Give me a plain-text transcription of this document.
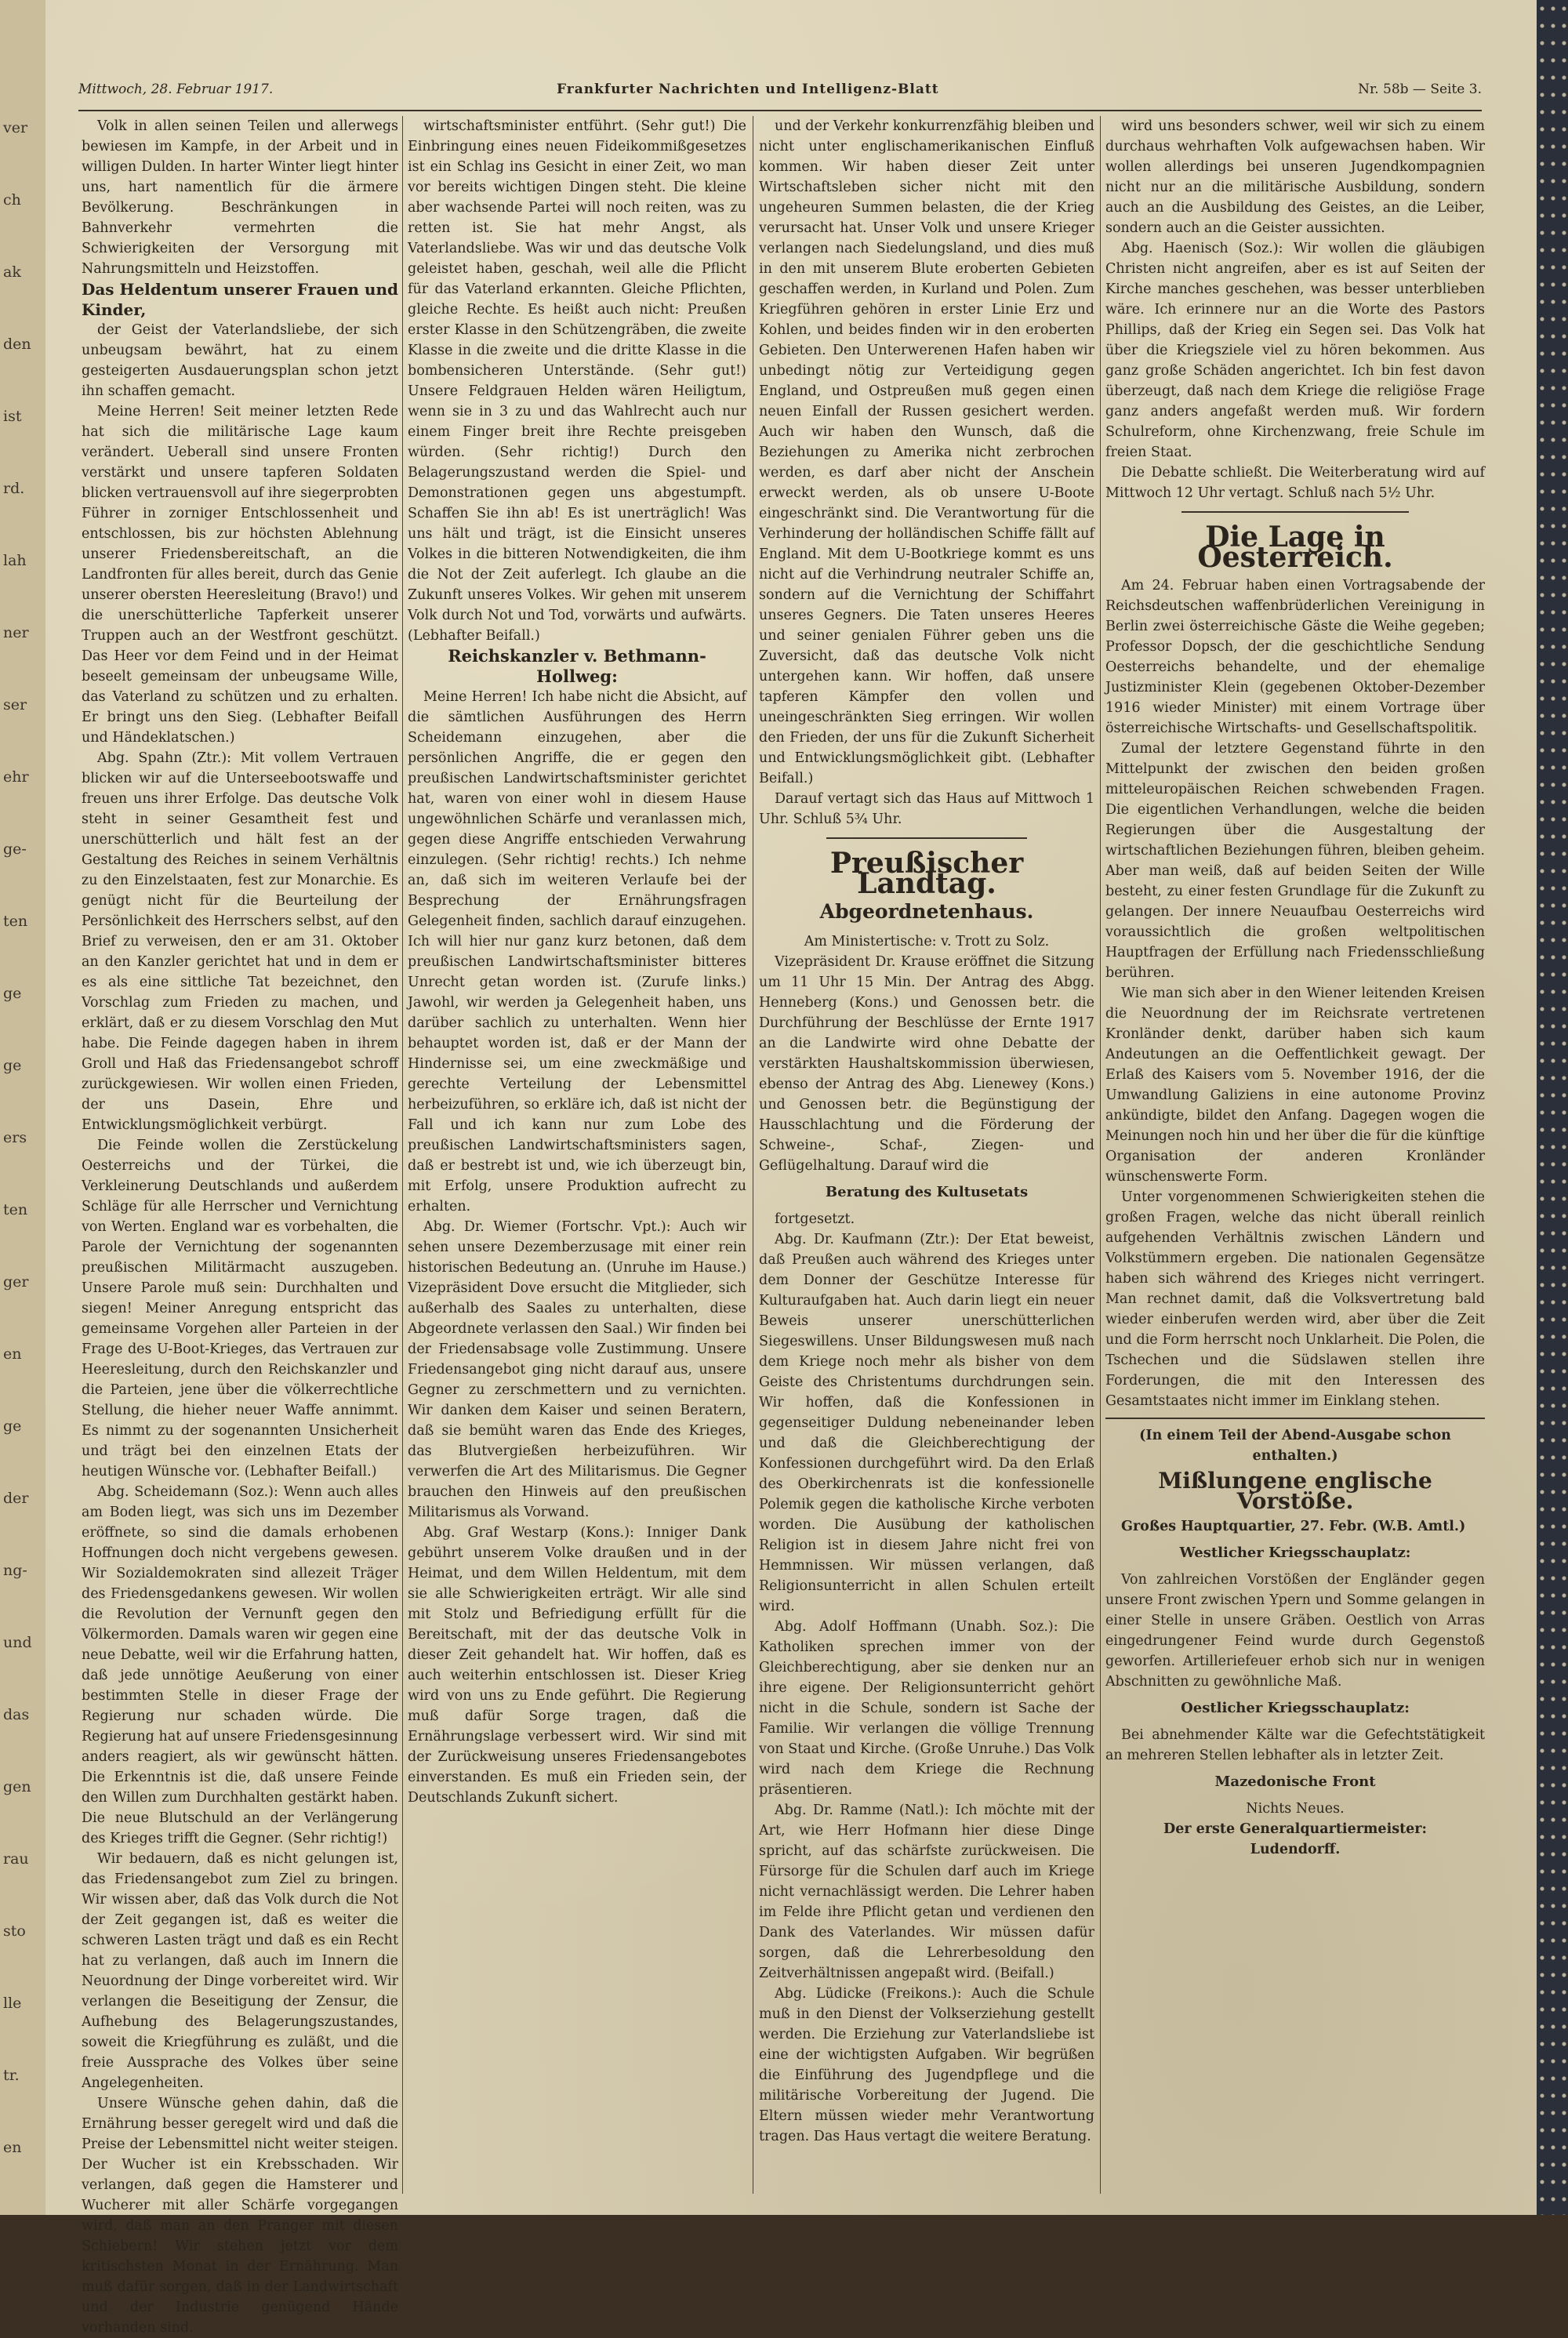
ver
ch
ak
den
ist
rd.
lah
ner
ser
ehr
ge-
ten
ge
ge
ers
ten
ger
en
ge
der
ng-
und
das
gen
rau
sto
lle
tr.
en
Mittwoch, 28. Februar 1917.	Frankfurter Nachrichten und Intelligenz-Blatt	Nr. 58b — Seite 3.

Volk in allen seinen Teilen und allerwegs bewiesen im Kampfe, in der Arbeit und in willigen Dulden. In harter Winter liegt hinter uns, hart namentlich für die ärmere Bevölkerung. Beschränkungen in Bahnverkehr vermehrten die Schwierigkeiten der Versorgung mit Nahrungsmitteln und Heizstoffen.

Das Heldentum unserer Frauen und Kinder,

der Geist der Vaterlandsliebe, der sich unbeugsam bewährt, hat zu einem gesteigerten Ausdauerungsplan schon jetzt ihn schaffen gemacht.

Meine Herren! Seit meiner letzten Rede hat sich die militärische Lage kaum verändert. Ueberall sind unsere Fronten verstärkt und unsere tapferen Soldaten blicken vertrauensvoll auf ihre siegerprobten Führer in zorniger Entschlossenheit und entschlossen, bis zur höchsten Ablehnung unserer Friedensbereitschaft, an die Landfronten für alles bereit, durch das Genie unserer obersten Heeresleitung (Bravo!) und die unerschütterliche Tapferkeit unserer Truppen auch an der Westfront geschützt. Das Heer vor dem Feind und in der Heimat beseelt gemeinsam der unbeugsame Wille, das Vaterland zu schützen und zu erhalten. Er bringt uns den Sieg. (Lebhafter Beifall und Händeklatschen.)

Abg. Spahn (Ztr.): Mit vollem Vertrauen blicken wir auf die Unterseebootswaffe und freuen uns ihrer Erfolge. Das deutsche Volk steht in seiner Gesamtheit fest und unerschütterlich und hält fest an der Gestaltung des Reiches in seinem Verhältnis zu den Einzelstaaten, fest zur Monarchie. Es genügt nicht für die Beurteilung der Persönlichkeit des Herrschers selbst, auf den Brief zu verweisen, den er am 31. Oktober an den Kanzler gerichtet hat und in dem er es als eine sittliche Tat bezeichnet, den Vorschlag zum Frieden zu machen, und erklärt, daß er zu diesem Vorschlag den Mut habe. Die Feinde dagegen haben in ihrem Groll und Haß das Friedensangebot schroff zurückgewiesen. Wir wollen einen Frieden, der uns Dasein, Ehre und Entwicklungsmöglichkeit verbürgt.

Die Feinde wollen die Zerstückelung Oesterreichs und der Türkei, die Verkleinerung Deutschlands und außerdem Schläge für alle Herrscher und Vernichtung von Werten. England war es vorbehalten, die Parole der Vernichtung der sogenannten preußischen Militärmacht auszugeben. Unsere Parole muß sein: Durchhalten und siegen! Meiner Anregung entspricht das gemeinsame Vorgehen aller Parteien in der Frage des U-Boot-Krieges, das Vertrauen zur Heeresleitung, durch den Reichskanzler und die Parteien, jene über die völkerrechtliche Stellung, die hieher neuer Waffe annimmt. Es nimmt zu der sogenannten Unsicherheit und trägt bei den einzelnen Etats der heutigen Wünsche vor. (Lebhafter Beifall.)

Abg. Scheidemann (Soz.): Wenn auch alles am Boden liegt, was sich uns im Dezember eröffnete, so sind die damals erhobenen Hoffnungen doch nicht vergebens gewesen. Wir Sozialdemokraten sind allezeit Träger des Friedensgedankens gewesen. Wir wollen die Revolution der Vernunft gegen den Völkermorden. Damals waren wir gegen eine neue Debatte, weil wir die Erfahrung hatten, daß jede unnötige Aeußerung von einer bestimmten Stelle in dieser Frage der Regierung nur schaden würde. Die Regierung hat auf unsere Friedensgesinnung anders reagiert, als wir gewünscht hätten. Die Erkenntnis ist die, daß unsere Feinde den Willen zum Durchhalten gestärkt haben. Die neue Blutschuld an der Verlängerung des Krieges trifft die Gegner. (Sehr richtig!)

Wir bedauern, daß es nicht gelungen ist, das Friedensangebot zum Ziel zu bringen. Wir wissen aber, daß das Volk durch die Not der Zeit gegangen ist, daß es weiter die schweren Lasten trägt und daß es ein Recht hat zu verlangen, daß auch im Innern die Neuordnung der Dinge vorbereitet wird. Wir verlangen die Beseitigung der Zensur, die Aufhebung des Belagerungszustandes, soweit die Kriegführung es zuläßt, und die freie Aussprache des Volkes über seine Angelegenheiten.

Unsere Wünsche gehen dahin, daß die Ernährung besser geregelt wird und daß die Preise der Lebensmittel nicht weiter steigen. Der Wucher ist ein Krebsschaden. Wir verlangen, daß gegen die Hamsterer und Wucherer mit aller Schärfe vorgegangen wird, daß man an den Pranger mit diesen Schiebern! Wir stehen jetzt vor dem kritischsten Monat in der Ernährung. Man muß dafür sorgen, daß in der Landwirtschaft und der Industrie genügend Hände vorhanden sind.

wirtschaftsminister entführt. (Sehr gut!) Die Einbringung eines neuen Fideikommißgesetzes ist ein Schlag ins Gesicht in einer Zeit, wo man vor bereits wichtigen Dingen steht. Die kleine aber wachsende Partei will noch reiten, was zu retten ist. Sie hat mehr Angst, als Vaterlandsliebe. Was wir und das deutsche Volk geleistet haben, geschah, weil alle die Pflicht für das Vaterland erkannten. Gleiche Pflichten, gleiche Rechte. Es heißt auch nicht: Preußen erster Klasse in den Schützengräben, die zweite Klasse in die zweite und die dritte Klasse in die bombensicheren Unterstände. (Sehr gut!) Unsere Feldgrauen Helden wären Heiligtum, wenn sie in 3 zu und das Wahlrecht auch nur einem Finger breit ihre Rechte preisgeben würden. (Sehr richtig!) Durch den Belagerungszustand werden die Spiel- und Demonstrationen gegen uns abgestumpft. Schaffen Sie ihn ab! Es ist unerträglich! Was uns hält und trägt, ist die Einsicht unseres Volkes in die bitteren Notwendigkeiten, die ihm die Not der Zeit auferlegt. Ich glaube an die Zukunft unseres Volkes. Wir gehen mit unserem Volk durch Not und Tod, vorwärts und aufwärts. (Lebhafter Beifall.)

Reichskanzler v. Bethmann-Hollweg:

Meine Herren! Ich habe nicht die Absicht, auf die sämtlichen Ausführungen des Herrn Scheidemann einzugehen, aber die persönlichen Angriffe, die er gegen den preußischen Landwirtschaftsminister gerichtet hat, waren von einer wohl in diesem Hause ungewöhnlichen Schärfe und veranlassen mich, gegen diese Angriffe entschieden Verwahrung einzulegen. (Sehr richtig! rechts.) Ich nehme an, daß sich im weiteren Verlaufe bei der Besprechung der Ernährungsfragen Gelegenheit finden, sachlich darauf einzugehen. Ich will hier nur ganz kurz betonen, daß dem preußischen Landwirtschaftsminister bitteres Unrecht getan worden ist. (Zurufe links.) Jawohl, wir werden ja Gelegenheit haben, uns darüber sachlich zu unterhalten. Wenn hier behauptet worden ist, daß er der Mann der Hindernisse sei, um eine zweckmäßige und gerechte Verteilung der Lebensmittel herbeizuführen, so erkläre ich, daß ist nicht der Fall und ich kann nur zum Lobe des preußischen Landwirtschaftsministers sagen, daß er bestrebt ist und, wie ich überzeugt bin, mit Erfolg, unsere Produktion aufrecht zu erhalten.

Abg. Dr. Wiemer (Fortschr. Vpt.): Auch wir sehen unsere Dezemberzusage mit einer rein historischen Bedeutung an. (Unruhe im Hause.) Vizepräsident Dove ersucht die Mitglieder, sich außerhalb des Saales zu unterhalten, diese Abgeordnete verlassen den Saal.) Wir finden bei der Friedensabsage volle Zustimmung. Unsere Friedensangebot ging nicht darauf aus, unsere Gegner zu zerschmettern und zu vernichten. Wir danken dem Kaiser und seinen Beratern, daß sie bemüht waren das Ende des Krieges, das Blutvergießen herbeizuführen. Wir verwerfen die Art des Militarismus. Die Gegner brauchen den Hinweis auf den preußischen Militarismus als Vorwand.

Abg. Graf Westarp (Kons.): Inniger Dank gebührt unserem Volke draußen und in der Heimat, und dem Willen Heldentum, mit dem sie alle Schwierigkeiten erträgt. Wir alle sind mit Stolz und Befriedigung erfüllt für die Bereitschaft, mit der das deutsche Volk in dieser Zeit gehandelt hat. Wir hoffen, daß es auch weiterhin entschlossen ist. Dieser Krieg wird von uns zu Ende geführt. Die Regierung muß dafür Sorge tragen, daß die Ernährungslage verbessert wird. Wir sind mit der Zurückweisung unseres Friedensangebotes einverstanden. Es muß ein Frieden sein, der Deutschlands Zukunft sichert.

und der Verkehr konkurrenzfähig bleiben und nicht unter englischamerikanischen Einfluß kommen. Wir haben dieser Zeit unter Wirtschaftsleben sicher nicht mit den ungeheuren Summen belasten, die der Krieg verursacht hat. Unser Volk und unsere Krieger verlangen nach Siedelungsland, und dies muß in den mit unserem Blute eroberten Gebieten geschaffen werden, in Kurland und Polen. Zum Kriegführen gehören in erster Linie Erz und Kohlen, und beides finden wir in den eroberten Gebieten. Den Unterwerenen Hafen haben wir unbedingt nötig zur Verteidigung gegen England, und Ostpreußen muß gegen einen neuen Einfall der Russen gesichert werden. Auch wir haben den Wunsch, daß die Beziehungen zu Amerika nicht zerbrochen werden, es darf aber nicht der Anschein erweckt werden, als ob unsere U-Boote eingeschränkt sind. Die Verantwortung für die Verhinderung der holländischen Schiffe fällt auf England. Mit dem U-Bootkriege kommt es uns nicht auf die Verhindrung neutraler Schiffe an, sondern auf die Vernichtung der Schiffahrt unseres Gegners. Die Taten unseres Heeres und seiner genialen Führer geben uns die Zuversicht, daß das deutsche Volk nicht untergehen kann. Wir hoffen, daß unsere tapferen Kämpfer den vollen und uneingeschränkten Sieg erringen. Wir wollen den Frieden, der uns für die Zukunft Sicherheit und Entwicklungsmöglichkeit gibt. (Lebhafter Beifall.)

Darauf vertagt sich das Haus auf Mittwoch 1 Uhr. Schluß 5¾ Uhr.

Preußischer Landtag.
Abgeordnetenhaus.

Am Ministertische: v. Trott zu Solz.

Vizepräsident Dr. Krause eröffnet die Sitzung um 11 Uhr 15 Min. Der Antrag des Abgg. Henneberg (Kons.) und Genossen betr. die Durchführung der Beschlüsse der Ernte 1917 an die Landwirte wird ohne Debatte der verstärkten Haushaltskommission überwiesen, ebenso der Antrag des Abg. Lienewey (Kons.) und Genossen betr. die Begünstigung der Hausschlachtung und die Förderung der Schweine-, Schaf-, Ziegen- und Geflügelhaltung. Darauf wird die

Beratung des Kultusetats

fortgesetzt.

Abg. Dr. Kaufmann (Ztr.): Der Etat beweist, daß Preußen auch während des Krieges unter dem Donner der Geschütze Interesse für Kulturaufgaben hat. Auch darin liegt ein neuer Beweis unserer unerschütterlichen Siegeswillens. Unser Bildungswesen muß nach dem Kriege noch mehr als bisher von dem Geiste des Christentums durchdrungen sein. Wir hoffen, daß die Konfessionen in gegenseitiger Duldung nebeneinander leben und daß die Gleichberechtigung der Konfessionen durchgeführt wird. Da den Erlaß des Oberkirchenrats ist die konfessionelle Polemik gegen die katholische Kirche verboten worden. Die Ausübung der katholischen Religion ist in diesem Jahre nicht frei von Hemmnissen. Wir müssen verlangen, daß Religionsunterricht in allen Schulen erteilt wird.

Abg. Adolf Hoffmann (Unabh. Soz.): Die Katholiken sprechen immer von der Gleichberechtigung, aber sie denken nur an ihre eigene. Der Religionsunterricht gehört nicht in die Schule, sondern ist Sache der Familie. Wir verlangen die völlige Trennung von Staat und Kirche. (Große Unruhe.) Das Volk wird nach dem Kriege die Rechnung präsentieren.

Abg. Dr. Ramme (Natl.): Ich möchte mit der Art, wie Herr Hofmann hier diese Dinge spricht, auf das schärfste zurückweisen. Die Fürsorge für die Schulen darf auch im Kriege nicht vernachlässigt werden. Die Lehrer haben im Felde ihre Pflicht getan und verdienen den Dank des Vaterlandes. Wir müssen dafür sorgen, daß die Lehrerbesoldung den Zeitverhältnissen angepaßt wird. (Beifall.)

Abg. Lüdicke (Freikons.): Auch die Schule muß in den Dienst der Volkserziehung gestellt werden. Die Erziehung zur Vaterlandsliebe ist eine der wichtigsten Aufgaben. Wir begrüßen die Einführung des Jugendpflege und die militärische Vorbereitung der Jugend. Die Eltern müssen wieder mehr Verantwortung tragen. Das Haus vertagt die weitere Beratung.

wird uns besonders schwer, weil wir sich zu einem durchaus wehrhaften Volk aufgewachsen haben. Wir wollen allerdings bei unseren Jugendkompagnien nicht nur an die militärische Ausbildung, sondern auch an die Ausbildung des Geistes, an die Leiber, sondern auch an die Geister aussichten.

Abg. Haenisch (Soz.): Wir wollen die gläubigen Christen nicht angreifen, aber es ist auf Seiten der Kirche manches geschehen, was besser unterblieben wäre. Ich erinnere nur an die Worte des Pastors Phillips, daß der Krieg ein Segen sei. Das Volk hat über die Kriegsziele viel zu hören bekommen. Aus ganz große Schäden angerichtet. Ich bin fest davon überzeugt, daß nach dem Kriege die religiöse Frage ganz anders angefaßt werden muß. Wir fordern Schulreform, ohne Kirchenzwang, freie Schule im freien Staat.

Die Debatte schließt. Die Weiterberatung wird auf Mittwoch 12 Uhr vertagt. Schluß nach 5½ Uhr.

Die Lage in Oesterreich.

Am 24. Februar haben einen Vortragsabende der Reichsdeutschen waffenbrüderlichen Vereinigung in Berlin zwei österreichische Gäste die Weihe gegeben; Professor Dopsch, der die geschichtliche Sendung Oesterreichs behandelte, und der ehemalige Justizminister Klein (gegebenen Oktober-Dezember 1916 wieder Minister) mit einem Vortrage über österreichische Wirtschafts- und Gesellschaftspolitik.

Zumal der letztere Gegenstand führte in den Mittelpunkt der zwischen den beiden großen mitteleuropäischen Reichen schwebenden Fragen. Die eigentlichen Verhandlungen, welche die beiden Regierungen über die Ausgestaltung der wirtschaftlichen Beziehungen führen, bleiben geheim. Aber man weiß, daß auf beiden Seiten der Wille besteht, zu einer festen Grundlage für die Zukunft zu gelangen. Der innere Neuaufbau Oesterreichs wird voraussichtlich die großen weltpolitischen Hauptfragen der Erfüllung nach Friedensschließung berühren.

Wie man sich aber in den Wiener leitenden Kreisen die Neuordnung der im Reichsrate vertretenen Kronländer denkt, darüber haben sich kaum Andeutungen an die Oeffentlichkeit gewagt. Der Erlaß des Kaisers vom 5. November 1916, der die Umwandlung Galiziens in eine autonome Provinz ankündigte, bildet den Anfang. Dagegen wogen die Meinungen noch hin und her über die für die künftige Organisation der anderen Kronländer wünschenswerte Form.

Unter vorgenommenen Schwierigkeiten stehen die großen Fragen, welche das nicht überall reinlich aufgehenden Verhältnis zwischen Ländern und Volkstümmern ergeben. Die nationalen Gegensätze haben sich während des Krieges nicht verringert. Man rechnet damit, daß die Volksvertretung bald wieder einberufen werden wird, aber über die Zeit und die Form herrscht noch Unklarheit. Die Polen, die Tschechen und die Südslawen stellen ihre Forderungen, die mit den Interessen des Gesamtstaates nicht immer im Einklang stehen.

(In einem Teil der Abend-Ausgabe schon enthalten.)

Mißlungene englische Vorstöße.

Großes Hauptquartier, 27. Febr. (W.B. Amtl.)

Westlicher Kriegsschauplatz:

Von zahlreichen Vorstößen der Engländer gegen unsere Front zwischen Ypern und Somme gelangen in einer Stelle in unsere Gräben. Oestlich von Arras eingedrungener Feind wurde durch Gegenstoß geworfen. Artilleriefeuer erhob sich nur in wenigen Abschnitten zu gewöhnliche Maß.

Oestlicher Kriegsschauplatz:

Bei abnehmender Kälte war die Gefechtstätigkeit an mehreren Stellen lebhafter als in letzter Zeit.

Mazedonische Front

Nichts Neues.

Der erste Generalquartiermeister:

Ludendorff.
